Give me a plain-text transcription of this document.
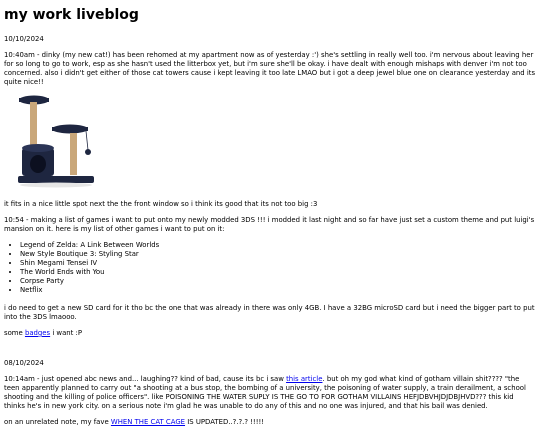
my work liveblog

10/10/2024

10:40am - dinky (my new cat!) has been rehomed at my apartment now as of yesterday :') she's settling in really well too. i'm nervous about leaving her for so long to go to work, esp as she hasn't used the litterbox yet, but i'm sure she'll be okay. i have dealt with enough mishaps with denver i'm not too concerned. also i didn't get either of those cat towers cause i kept leaving it too late LMAO but i got a deep jewel blue one on clearance yesterday and its quite nice!!

it fits in a nice little spot next the the front window so i think its good that its not too big :3

10:54 - making a list of games i want to put onto my newly modded 3DS !!! i modded it last night and so far have just set a custom theme and put luigi's mansion on it. here is my list of other games i want to put on it:

• Legend of Zelda: A Link Between Worlds
• New Style Boutique 3: Styling Star
• Shin Megami Tensei IV
• The World Ends with You
• Corpse Party
• Netflix

i do need to get a new SD card for it tho bc the one that was already in there was only 4GB. I have a 32BG microSD card but i need the bigger part to put into the 3DS lmaooo.

some badges i want :P

08/10/2024

10:14am - just opened abc news and... laughing?? kind of bad, cause its bc i saw this article. but oh my god what kind of gotham villain shit???? "the teen apparently planned to carry out "a shooting at a bus stop, the bombing of a university, the poisoning of water supply, a train derailment, a school shooting and the killing of police officers". like POISONING THE WATER SUPLY IS THE GO TO FOR GOTHAM VILLAINS HEFJDBVHJDJDBJHVD??? this kid thinks he's in new york city. on a serious note i'm glad he was unable to do any of this and no one was injured, and that his bail was denied.

on an unrelated note, my fave WHEN THE CAT CAGE IS UPDATED..?.?.? !!!!!
